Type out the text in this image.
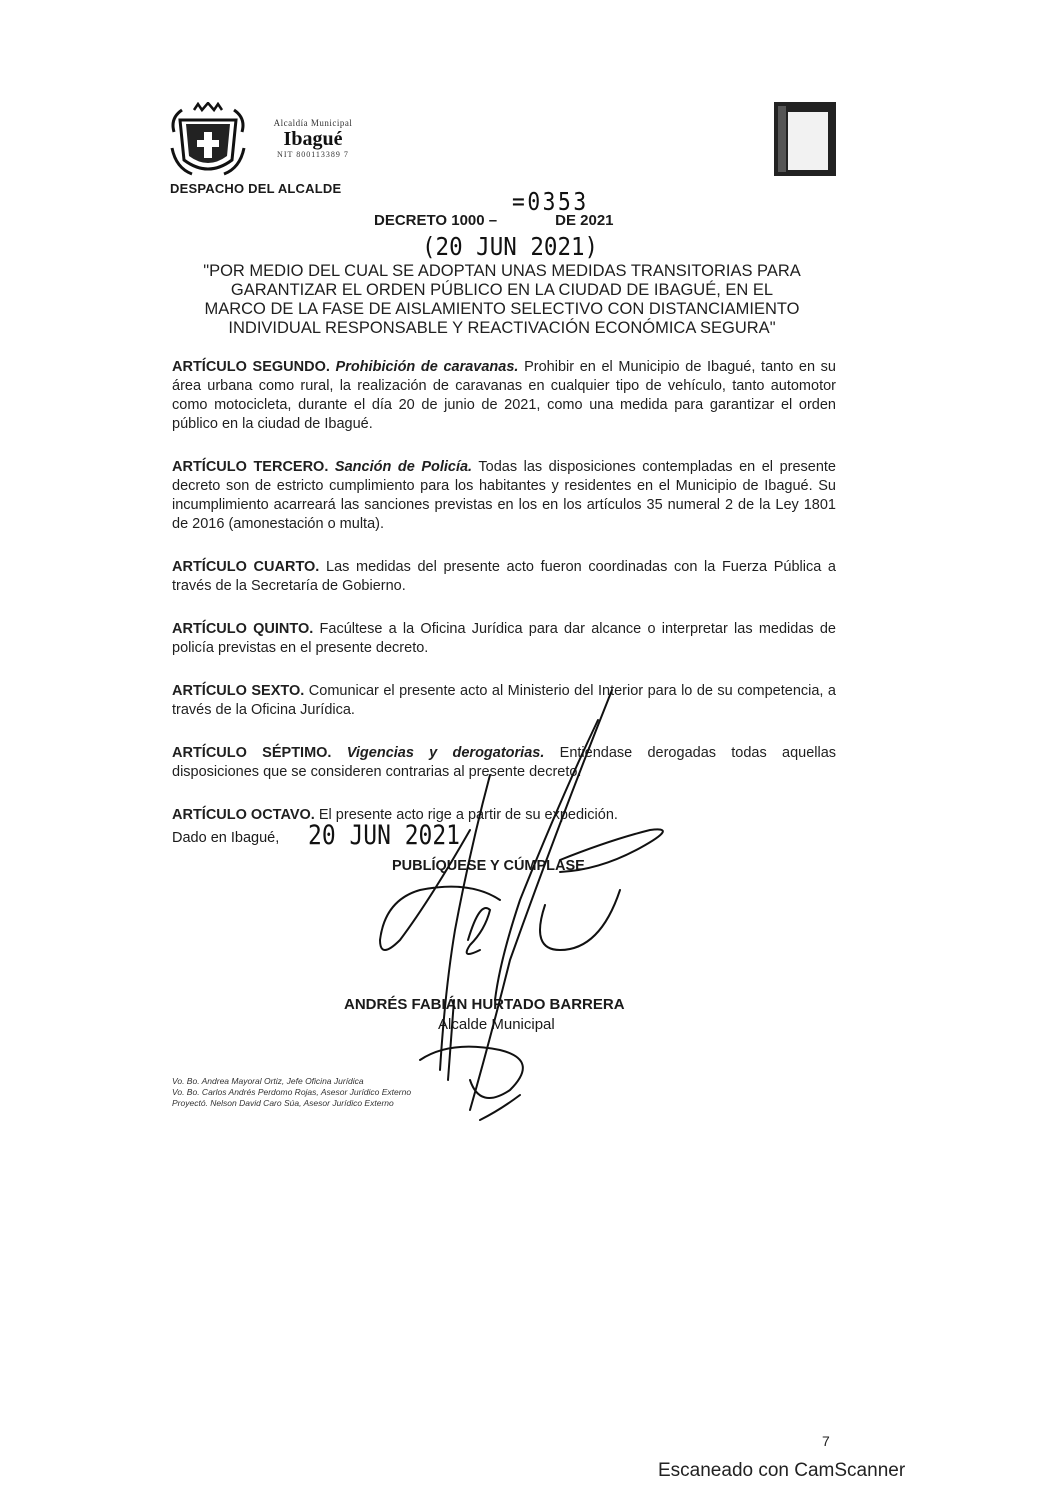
Alcaldía Municipal
Ibagué
NIT 800113389 7
DESPACHO DEL ALCALDE	=0353
DECRETO 1000 –	DE 2021
(20 JUN 2021)
"POR MEDIO DEL CUAL SE ADOPTAN UNAS MEDIDAS TRANSITORIAS PARA
GARANTIZAR EL ORDEN PÚBLICO EN LA CIUDAD DE IBAGUÉ, EN EL
MARCO DE LA FASE DE AISLAMIENTO SELECTIVO CON DISTANCIAMIENTO
INDIVIDUAL RESPONSABLE Y REACTIVACIÓN ECONÓMICA SEGURA"

ARTÍCULO SEGUNDO. Prohibición de caravanas. Prohibir en el Municipio de Ibagué, tanto en su área urbana como rural, la realización de caravanas en cualquier tipo de vehículo, tanto automotor como motocicleta, durante el día 20 de junio de 2021, como una medida para garantizar el orden público en la ciudad de Ibagué.

ARTÍCULO TERCERO. Sanción de Policía. Todas las disposiciones contempladas en el presente decreto son de estricto cumplimiento para los habitantes y residentes en el Municipio de Ibagué. Su incumplimiento acarreará las sanciones previstas en los en los artículos 35 numeral 2 de la Ley 1801 de 2016 (amonestación o multa).

ARTÍCULO CUARTO. Las medidas del presente acto fueron coordinadas con la Fuerza Pública a través de la Secretaría de Gobierno.

ARTÍCULO QUINTO. Facúltese a la Oficina Jurídica para dar alcance o interpretar las medidas de policía previstas en el presente decreto.

ARTÍCULO SEXTO. Comunicar el presente acto al Ministerio del Interior para lo de su competencia, a través de la Oficina Jurídica.

ARTÍCULO SÉPTIMO. Vigencias y derogatorias. Entiéndase derogadas todas aquellas disposiciones que se consideren contrarias al presente decreto.

ARTÍCULO OCTAVO. El presente acto rige a partir de su expedición.

Dado en Ibagué, 20 JUN 2021
PUBLÍQUESE Y CÚMPLASE
ANDRÉS FABIÁN HURTADO BARRERA
Alcalde Municipal
Vo. Bo. Andrea Mayoral Ortiz, Jefe Oficina Jurídica
Vo. Bo. Carlos Andrés Perdomo Rojas, Asesor Jurídico Externo
Proyectó. Nelson David Caro Súa, Asesor Jurídico Externo
7
Escaneado con CamScanner
